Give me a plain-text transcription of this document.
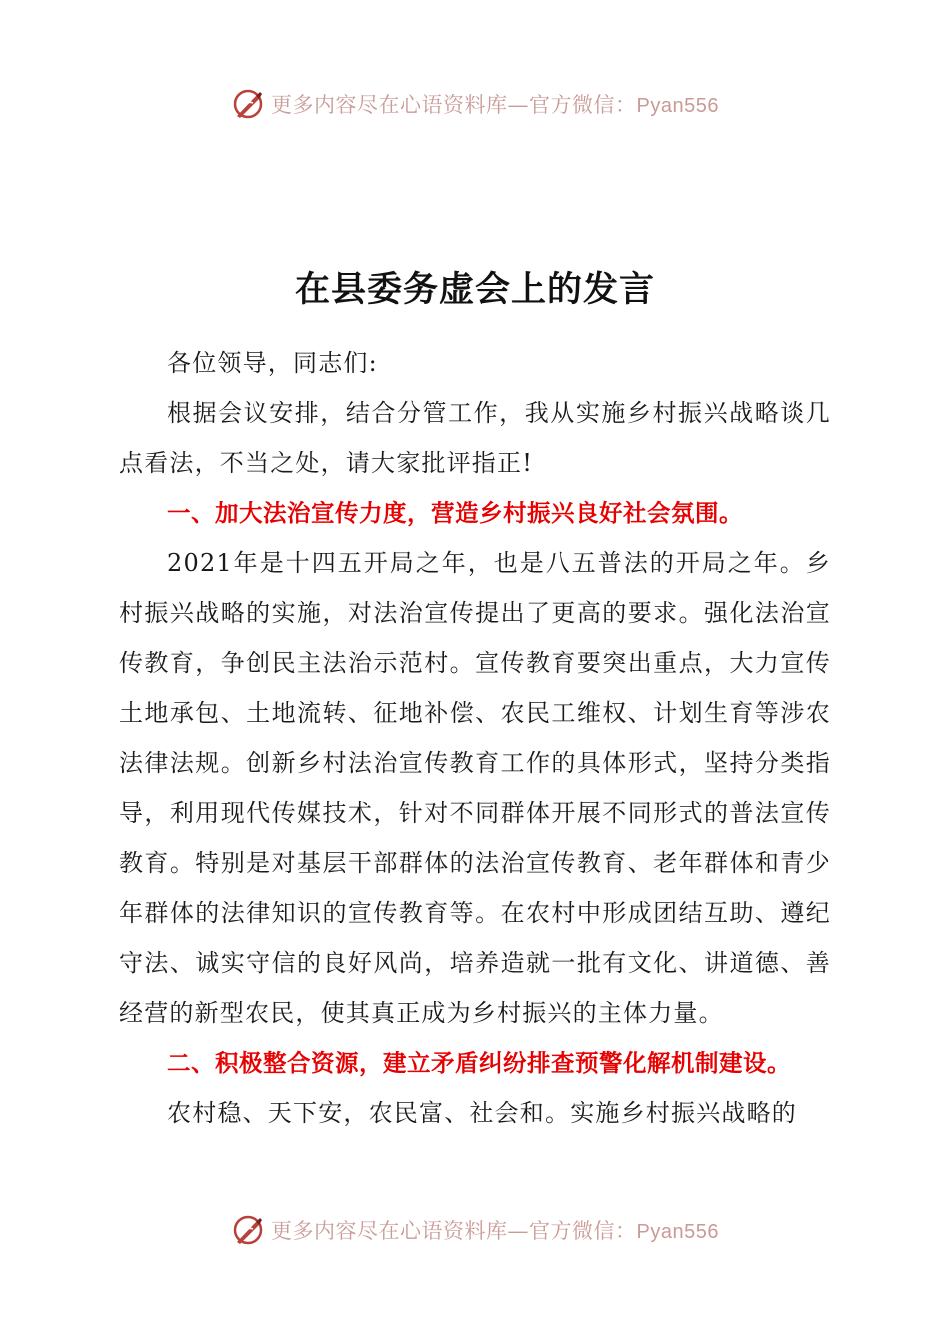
更多内容尽在心语资料库—官方微信：Pyan556
在县委务虚会上的发言

各位领导，同志们:

根据会议安排，结合分管工作，我从实施乡村振兴战略谈几点看法，不当之处，请大家批评指正!

一、加大法治宣传力度，营造乡村振兴良好社会氛围。

2021年是十四五开局之年，也是八五普法的开局之年。乡村振兴战略的实施，对法治宣传提出了更高的要求。强化法治宣传教育，争创民主法治示范村。宣传教育要突出重点，大力宣传土地承包、土地流转、征地补偿、农民工维权、计划生育等涉农法律法规。创新乡村法治宣传教育工作的具体形式，坚持分类指导，利用现代传媒技术，针对不同群体开展不同形式的普法宣传教育。特别是对基层干部群体的法治宣传教育、老年群体和青少年群体的法律知识的宣传教育等。在农村中形成团结互助、遵纪守法、诚实守信的良好风尚，培养造就一批有文化、讲道德、善经营的新型农民，使其真正成为乡村振兴的主体力量。

二、积极整合资源，建立矛盾纠纷排查预警化解机制建设。

农村稳、天下安，农民富、社会和。实施乡村振兴战略的

更多内容尽在心语资料库—官方微信：Pyan556
